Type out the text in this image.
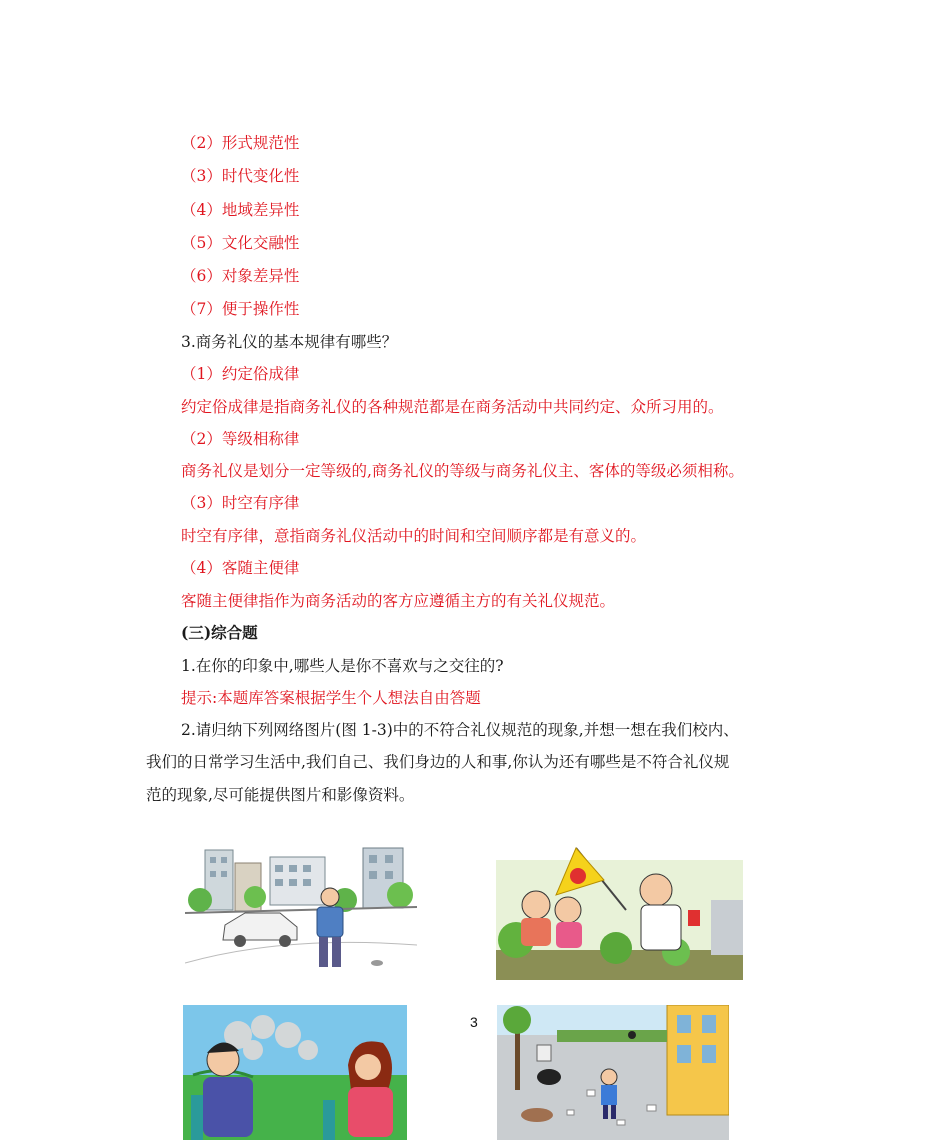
（2）形式规范性
（3）时代变化性
（4）地域差异性
（5）文化交融性
（6）对象差异性
（7）便于操作性
3.商务礼仪的基本规律有哪些？
（1）约定俗成律
约定俗成律是指商务礼仪的各种规范都是在商务活动中共同约定、众所习用的。
（2）等级相称律
商务礼仪是划分一定等级的,商务礼仪的等级与商务礼仪主、客体的等级必须相称。
（3）时空有序律
时空有序律，意指商务礼仪活动中的时间和空间顺序都是有意义的。
（4）客随主便律
客随主便律指作为商务活动的客方应遵循主方的有关礼仪规范。
(三)综合题
1.在你的印象中,哪些人是你不喜欢与之交往的?
提示:本题库答案根据学生个人想法自由答题
2.请归纳下列网络图片(图 1-3)中的不符合礼仪规范的现象,并想一想在我们校内、
我们的日常学习生活中,我们自己、我们身边的人和事,你认为还有哪些是不符合礼仪规
范的现象,尽可能提供图片和影像资料。
3
